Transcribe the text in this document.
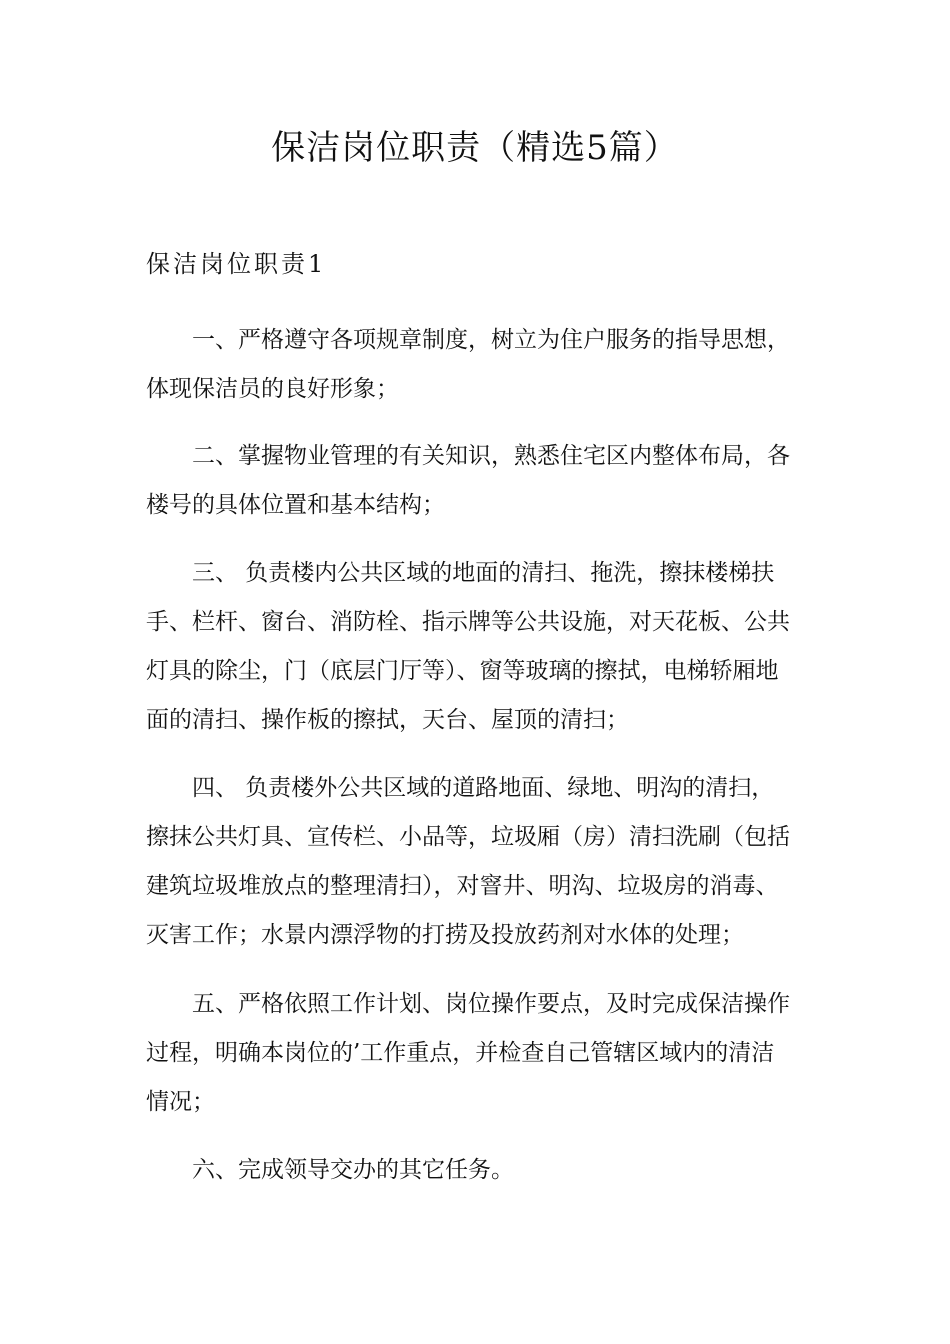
保洁岗位职责（精选5篇）
保洁岗位职责1

一、严格遵守各项规章制度，树立为住户服务的指导思想，
体现保洁员的良好形象；

二、掌握物业管理的有关知识，熟悉住宅区内整体布局，各
楼号的具体位置和基本结构；

三、 负责楼内公共区域的地面的清扫、拖洗，擦抹楼梯扶
手、栏杆、窗台、消防栓、指示牌等公共设施，对天花板、公共
灯具的除尘，门（底层门厅等）、窗等玻璃的擦拭，电梯轿厢地
面的清扫、操作板的擦拭，天台、屋顶的清扫；

四、 负责楼外公共区域的道路地面、绿地、明沟的清扫，
擦抹公共灯具、宣传栏、小品等，垃圾厢（房）清扫洗刷（包括
建筑垃圾堆放点的整理清扫），对窨井、明沟、垃圾房的消毒、
灭害工作；水景内漂浮物的打捞及投放药剂对水体的处理；

五、严格依照工作计划、岗位操作要点，及时完成保洁操作
过程，明确本岗位的’工作重点，并检查自己管辖区域内的清洁
情况；

六、完成领导交办的其它任务。
